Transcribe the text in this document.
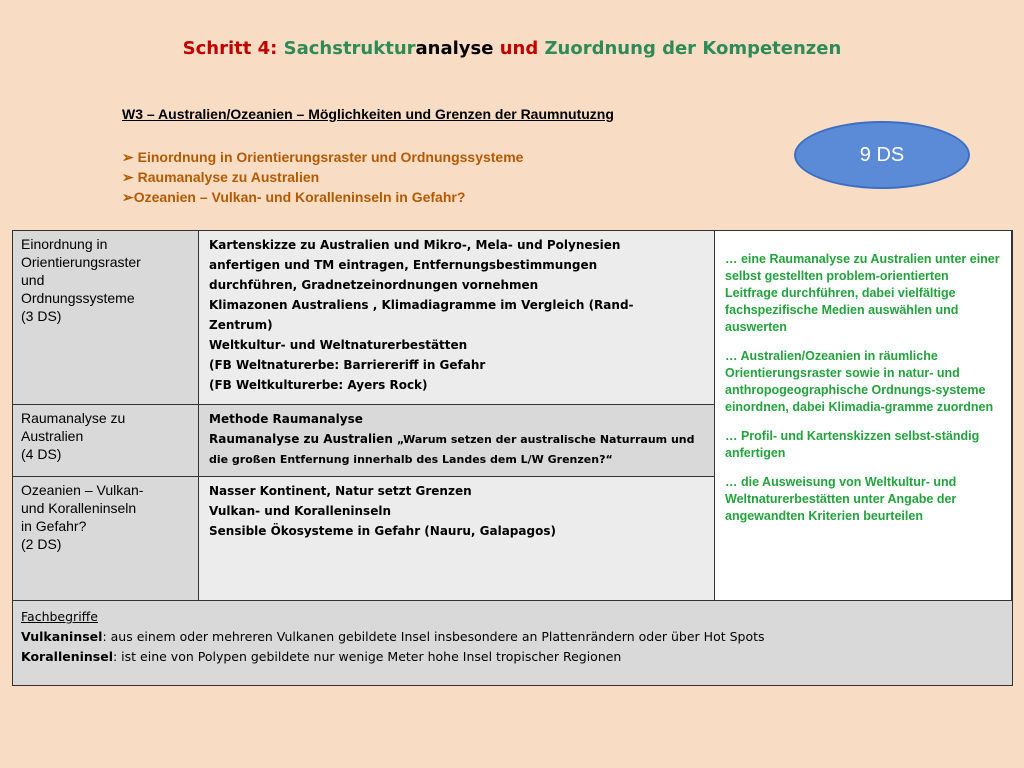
Schritt 4: Sachstrukturanalyse und Zuordnung der Kompetenzen
W3 – Australien/Ozeanien – Möglichkeiten und Grenzen der Raumnutuzng
➢ Einordnung in Orientierungsraster und Ordnungssysteme
➢ Raumanalyse zu Australien
➢Ozeanien – Vulkan- und Koralleninseln in Gefahr?
9 DS
Einordnung in
Orientierungsraster
und
Ordnungssysteme
(3 DS)
Kartenskizze zu Australien und Mikro-, Mela- und Polynesien
anfertigen und TM eintragen, Entfernungsbestimmungen
durchführen, Gradnetzeinordnungen vornehmen
Klimazonen Australiens , Klimadiagramme im Vergleich (Rand-
Zentrum)
Weltkultur- und Weltnaturerbestätten
(FB Weltnaturerbe: Barriereriff in Gefahr
(FB Weltkulturerbe: Ayers Rock)
Raumanalyse zu
Australien
(4 DS)
Methode Raumanalyse
Raumanalyse zu Australien „Warum setzen der australische Naturraum und
die großen Entfernung innerhalb des Landes dem L/W Grenzen?“
Ozeanien – Vulkan-
und Koralleninseln
in Gefahr?
(2 DS)
Nasser Kontinent, Natur setzt Grenzen
Vulkan- und Koralleninseln
Sensible Ökosysteme in Gefahr (Nauru, Galapagos)

… eine Raumanalyse zu Australien unter einer selbst gestellten problem-orientierten Leitfrage durchführen, dabei vielfältige fachspezifische Medien auswählen und auswerten

… Australien/Ozeanien in räumliche Orientierungsraster sowie in natur- und anthropogeographische Ordnungs-systeme einordnen, dabei Klimadia-gramme zuordnen

… Profil- und Kartenskizzen selbst-ständig anfertigen

… die Ausweisung von Weltkultur- und Weltnaturerbestätten unter Angabe der angewandten Kriterien beurteilen

Fachbegriffe
Vulkaninsel: aus einem oder mehreren Vulkanen gebildete Insel insbesondere an Plattenrändern oder über Hot Spots
Koralleninsel: ist eine von Polypen gebildete nur wenige Meter hohe Insel tropischer Regionen
